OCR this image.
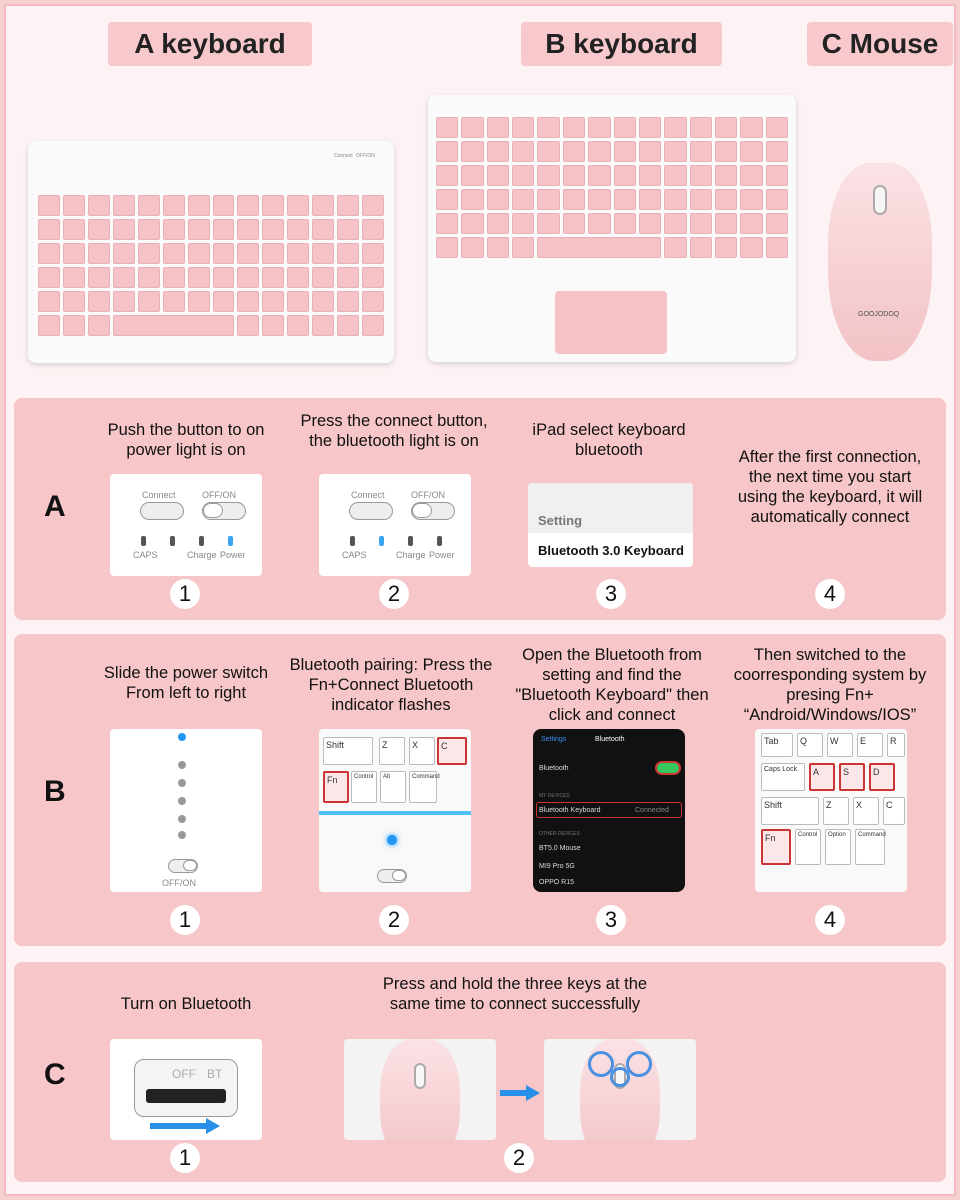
A keyboard	B keyboard	C Mouse
Connect OFF/ON
GOOJODOQ
A
Push the button to on power light is on
Press the connect button, the bluetooth light is on
iPad select keyboard bluetooth	After the first connection, the next time you start using the keyboard, it will automatically connect
Connect	OFF/ON
CAPS	Charge Power
Connect	OFF/ON
CAPS	Charge Power
Setting
Bluetooth 3.0 Keyboard
1	2	3	4
B
Slide the power switch From left to right
Bluetooth pairing: Press the Fn+Connect Bluetooth indicator flashes
Open the Bluetooth from setting and find the "Bluetooth Keyboard" then click and connect
Then switched to the coorresponding system by presing Fn+ “Android/Windows/IOS”
OFF/ON
Shift	Z	X	C
Fn	Control	Alt	Command
Settings	Bluetooth
Bluetooth
MY DEVICES
Bluetooth Keyboard	Connected
OTHER DEVICES
BT5.0 Mouse
MI9 Pro 5G
OPPO R15
Tab	Q	W	E	R
Caps Lock	A	S	D
Shift	Z	X	C
Fn	Control	Option	Command
1	2	3	4
C
Turn on Bluetooth
Press and hold the three keys at the same time to connect successfully
OFF BT
1	2
